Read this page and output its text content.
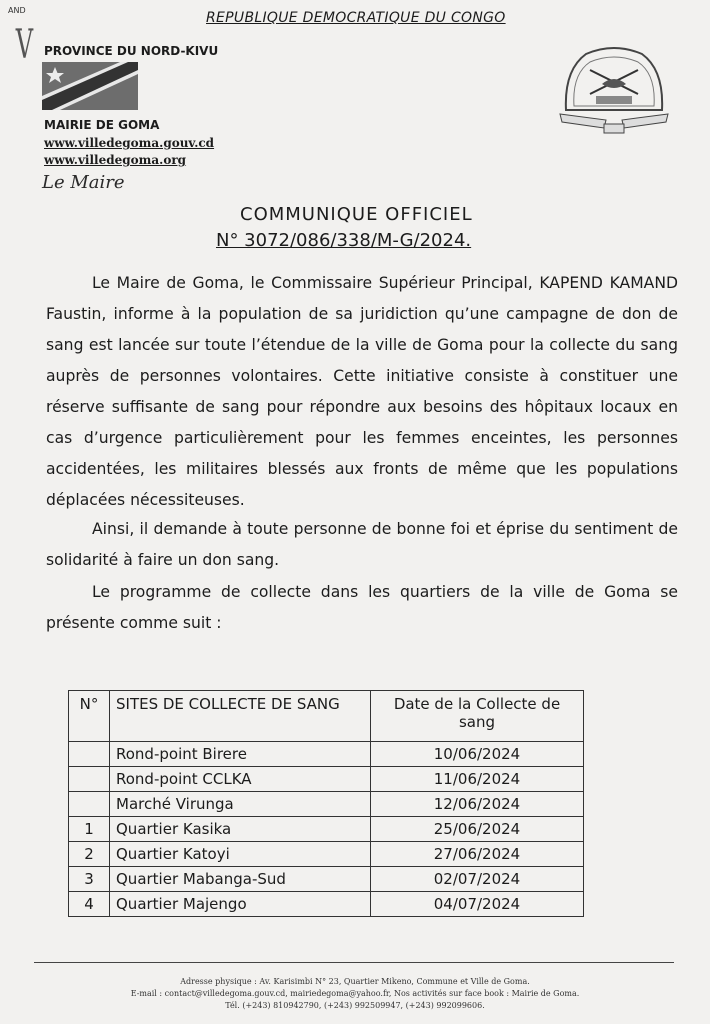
AND
V
REPUBLIQUE DEMOCRATIQUE DU CONGO
PROVINCE DU NORD-KIVU
MAIRIE DE GOMA
www.villedegoma.gouv.cd
www.villedegoma.org
Le Maire
COMMUNIQUE OFFICIEL
N° 3072/086/338/M-G/2024.
Le Maire de Goma, le Commissaire Supérieur Principal, KAPEND KAMAND Faustin, informe à la population de sa juridiction qu’une campagne de don de sang est lancée sur toute l’étendue de la ville de Goma pour la collecte du sang auprès de personnes volontaires. Cette initiative consiste à constituer une réserve suffisante de sang pour répondre aux besoins des hôpitaux locaux en cas d’urgence particulièrement pour les femmes enceintes, les personnes accidentées, les militaires blessés aux fronts de même que les populations déplacées nécessiteuses.
Ainsi, il demande à toute personne de bonne foi et éprise du sentiment de solidarité à faire un don sang.
Le programme de collecte dans les quartiers de la ville de Goma se présente comme suit :
N°	SITES DE COLLECTE DE SANG	Date de la Collecte de sang
	Rond-point Birere	10/06/2024
	Rond-point CCLKA	11/06/2024
	Marché Virunga	12/06/2024
1	Quartier Kasika	25/06/2024
2	Quartier Katoyi	27/06/2024
3	Quartier Mabanga-Sud	02/07/2024
4	Quartier Majengo	04/07/2024
Adresse physique : Av. Karisimbi N° 23, Quartier Mikeno, Commune et Ville de Goma.
E-mail : contact@villedegoma.gouv.cd, mairiedegoma@yahoo.fr, Nos activités sur face book : Mairie de Goma.
Tél. (+243) 810942790, (+243) 992509947, (+243) 992099606.
